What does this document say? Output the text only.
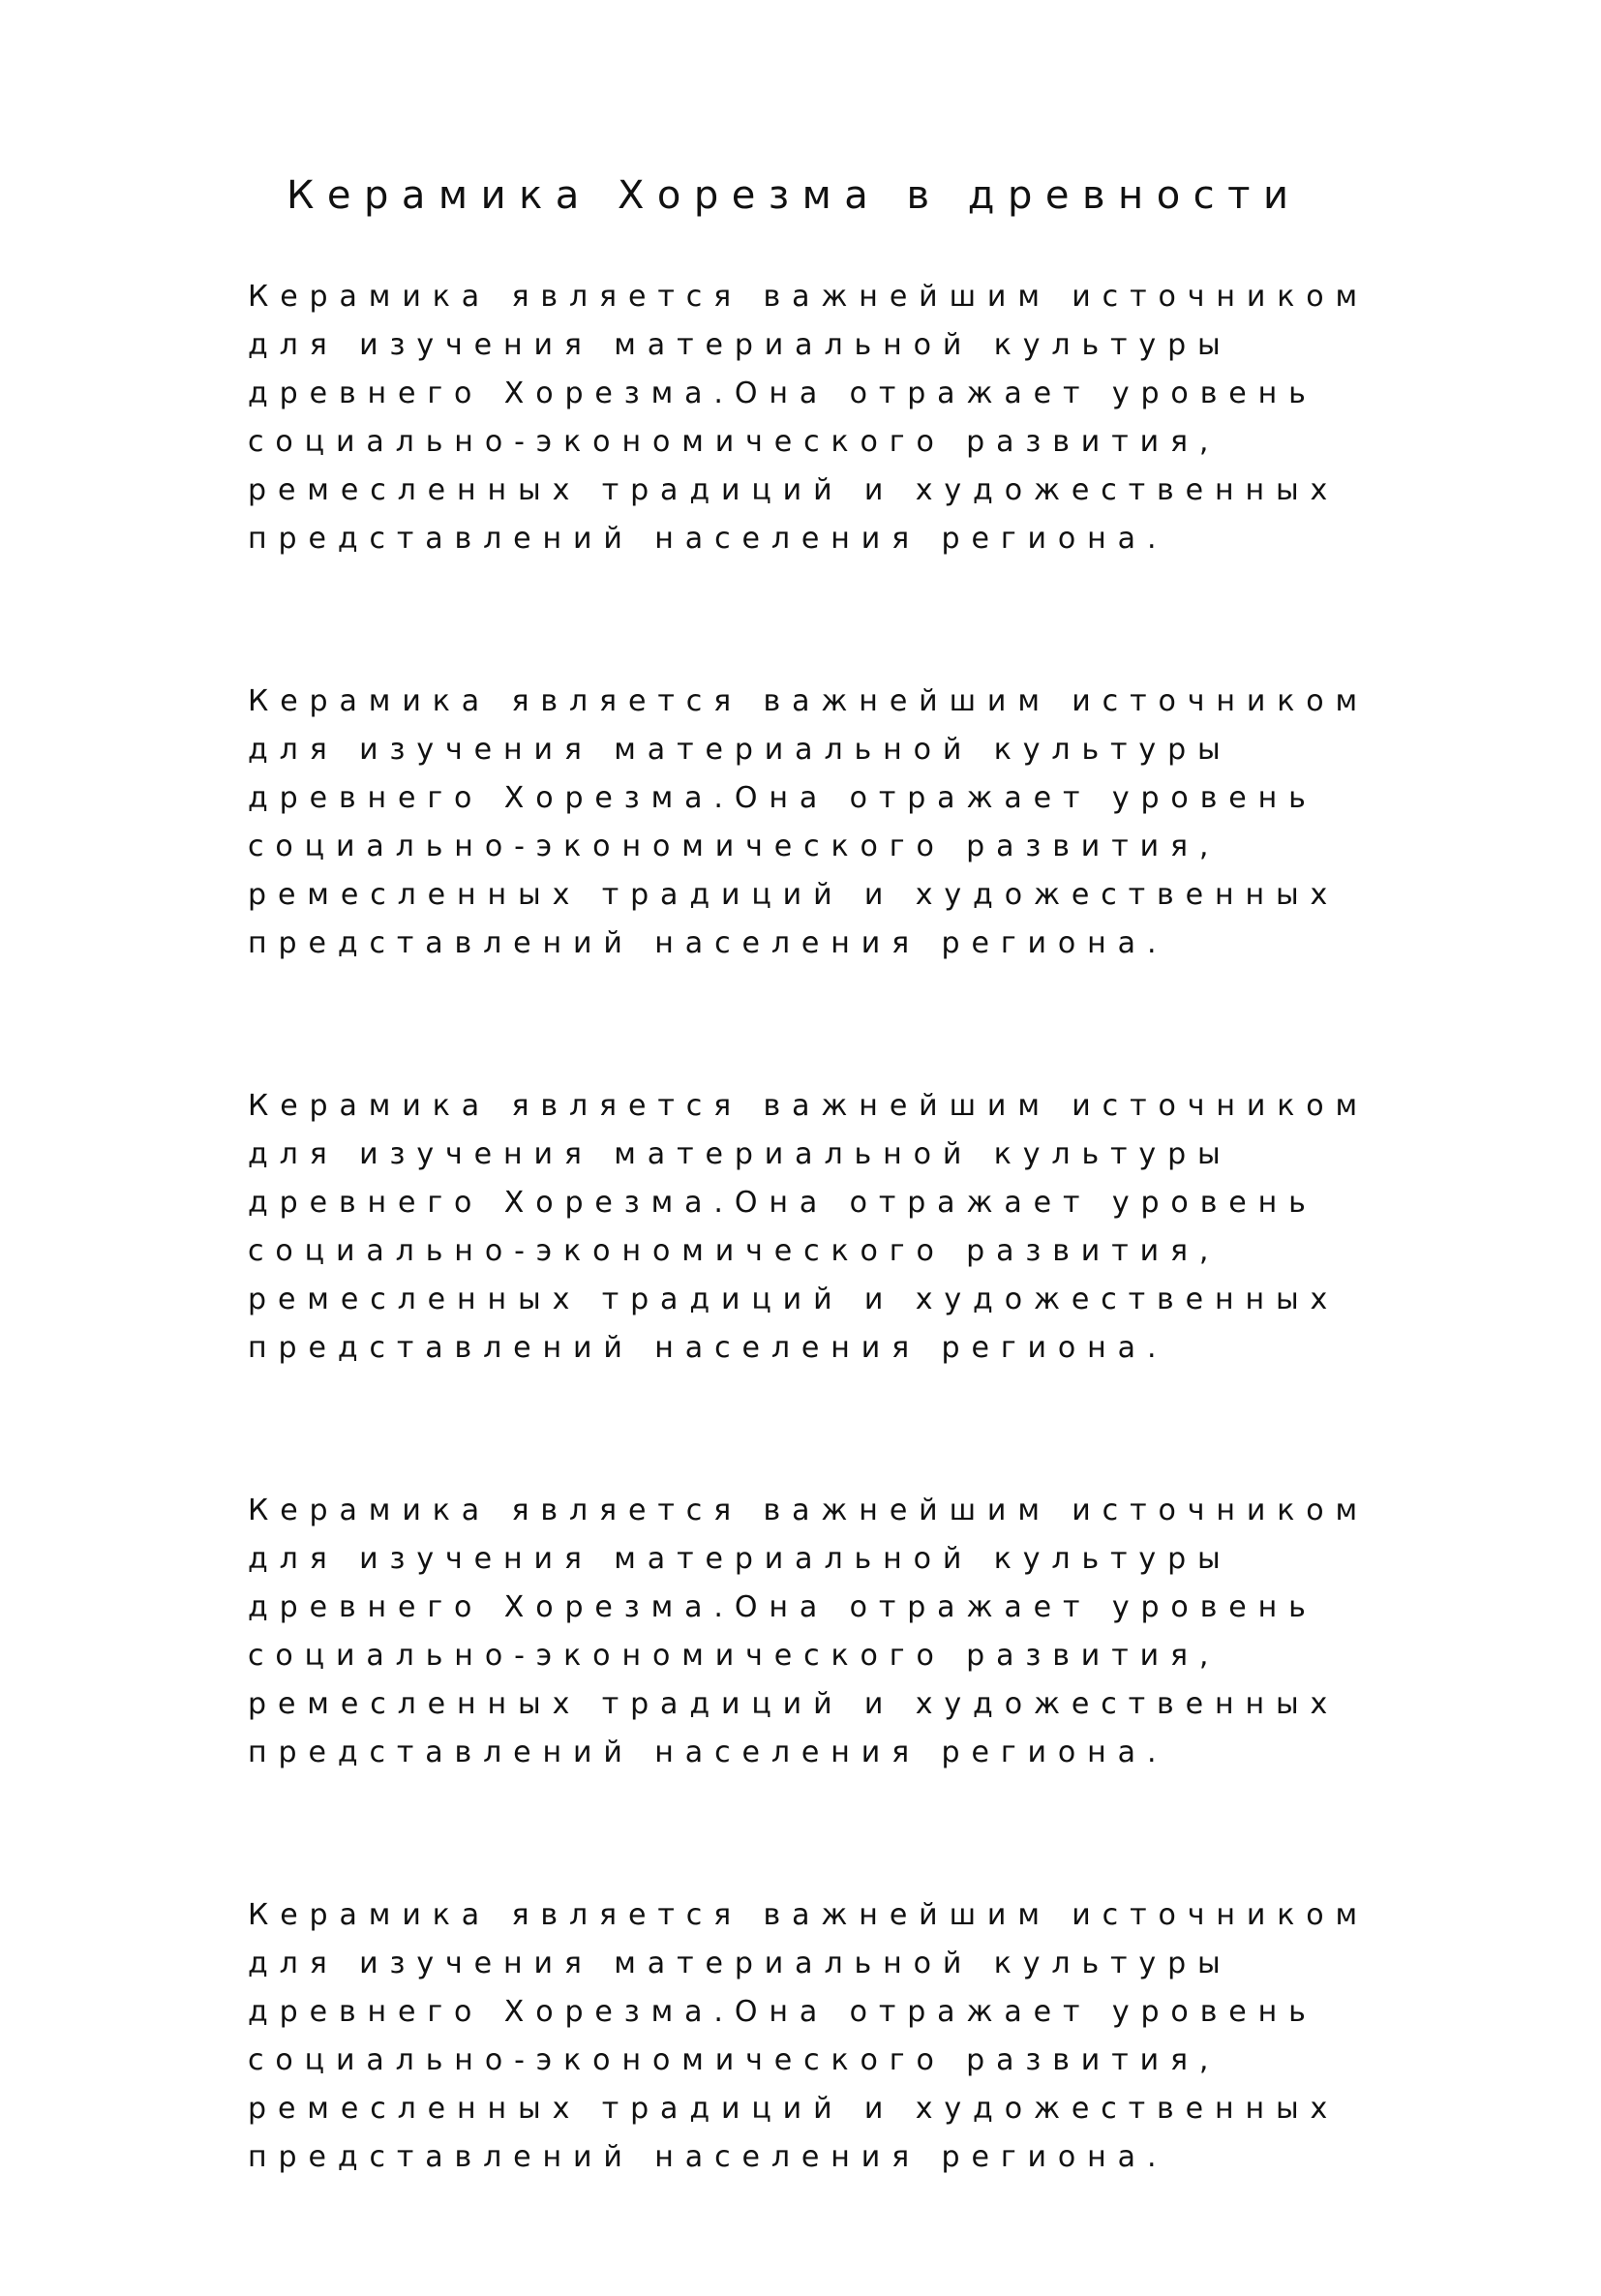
Керамика Хорезма в древности

Керамика является важнейшим источником
для изучения материальной культуры
древнего Хорезма.Она отражает уровень
социально-экономического развития,
ремесленных традиций и художественных
представлений населения региона.

Керамика является важнейшим источником
для изучения материальной культуры
древнего Хорезма.Она отражает уровень
социально-экономического развития,
ремесленных традиций и художественных
представлений населения региона.

Керамика является важнейшим источником
для изучения материальной культуры
древнего Хорезма.Она отражает уровень
социально-экономического развития,
ремесленных традиций и художественных
представлений населения региона.

Керамика является важнейшим источником
для изучения материальной культуры
древнего Хорезма.Она отражает уровень
социально-экономического развития,
ремесленных традиций и художественных
представлений населения региона.

Керамика является важнейшим источником
для изучения материальной культуры
древнего Хорезма.Она отражает уровень
социально-экономического развития,
ремесленных традиций и художественных
представлений населения региона.
